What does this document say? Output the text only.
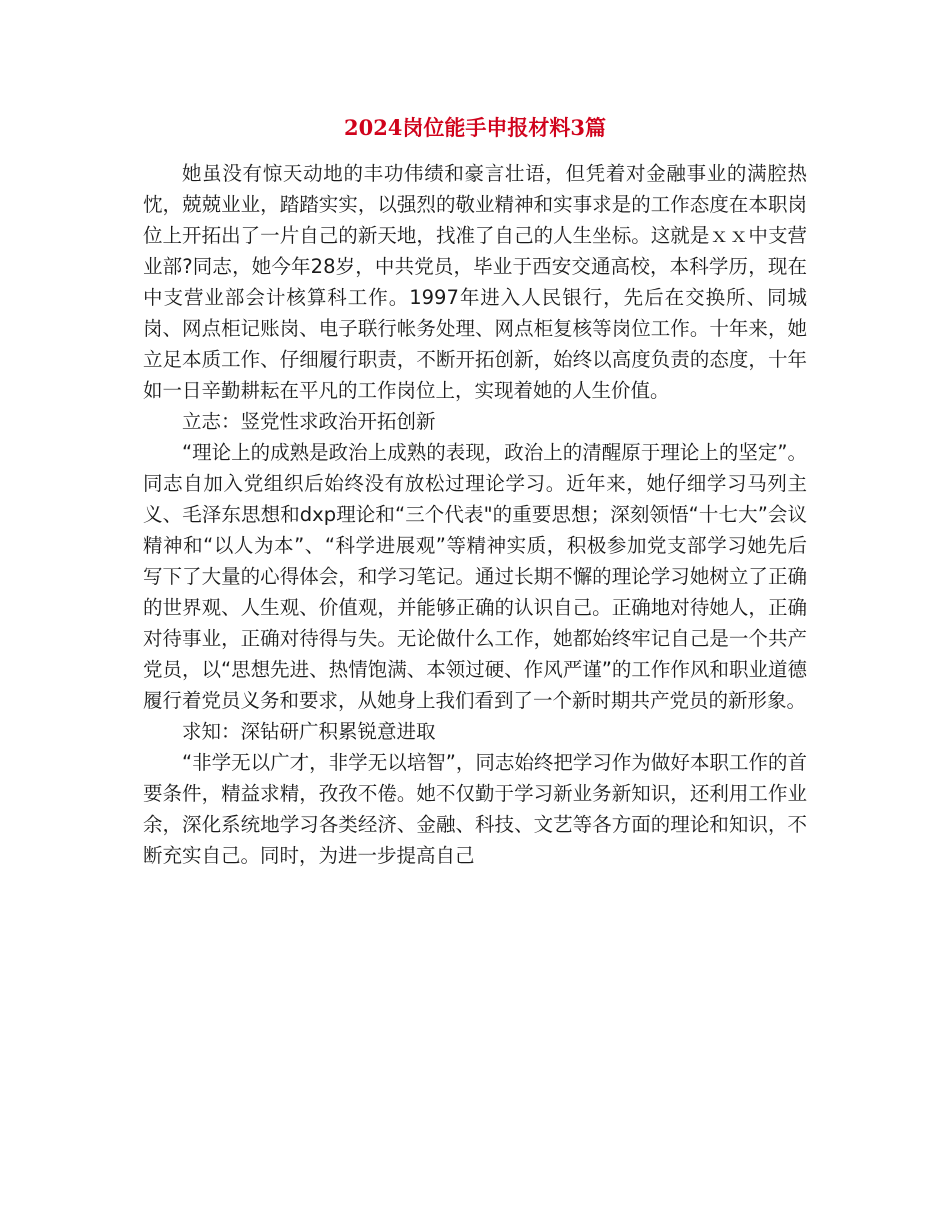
2024岗位能手申报材料3篇

她虽没有惊天动地的丰功伟绩和豪言壮语，但凭着对金融事业的满腔热忱，兢兢业业，踏踏实实，以强烈的敬业精神和实事求是的工作态度在本职岗位上开拓出了一片自己的新天地，找准了自己的人生坐标。这就是ｘｘ中支营业部?同志，她今年28岁，中共党员，毕业于西安交通高校，本科学历，现在中支营业部会计核算科工作。1997年进入人民银行，先后在交换所、同城岗、网点柜记账岗、电子联行帐务处理、网点柜复核等岗位工作。十年来，她立足本质工作、仔细履行职责，不断开拓创新，始终以高度负责的态度，十年如一日辛勤耕耘在平凡的工作岗位上，实现着她的人生价值。

立志：竖党性求政治开拓创新

“理论上的成熟是政治上成熟的表现，政治上的清醒原于理论上的坚定”。同志自加入党组织后始终没有放松过理论学习。近年来，她仔细学习马列主义、毛泽东思想和dxp理论和“三个代表"的重要思想；深刻领悟“十七大”会议精神和“以人为本”、“科学进展观”等精神实质，积极参加党支部学习她先后写下了大量的心得体会，和学习笔记。通过长期不懈的理论学习她树立了正确的世界观、人生观、价值观，并能够正确的认识自己。正确地对待她人，正确对待事业，正确对待得与失。无论做什么工作，她都始终牢记自己是一个共产党员，以“思想先进、热情饱满、本领过硬、作风严谨”的工作作风和职业道德履行着党员义务和要求，从她身上我们看到了一个新时期共产党员的新形象。

求知：深钻研广积累锐意进取

“非学无以广才，非学无以培智”，同志始终把学习作为做好本职工作的首要条件，精益求精，孜孜不倦。她不仅勤于学习新业务新知识，还利用工作业余，深化系统地学习各类经济、金融、科技、文艺等各方面的理论和知识，不断充实自己。同时，为进一步提高自己
